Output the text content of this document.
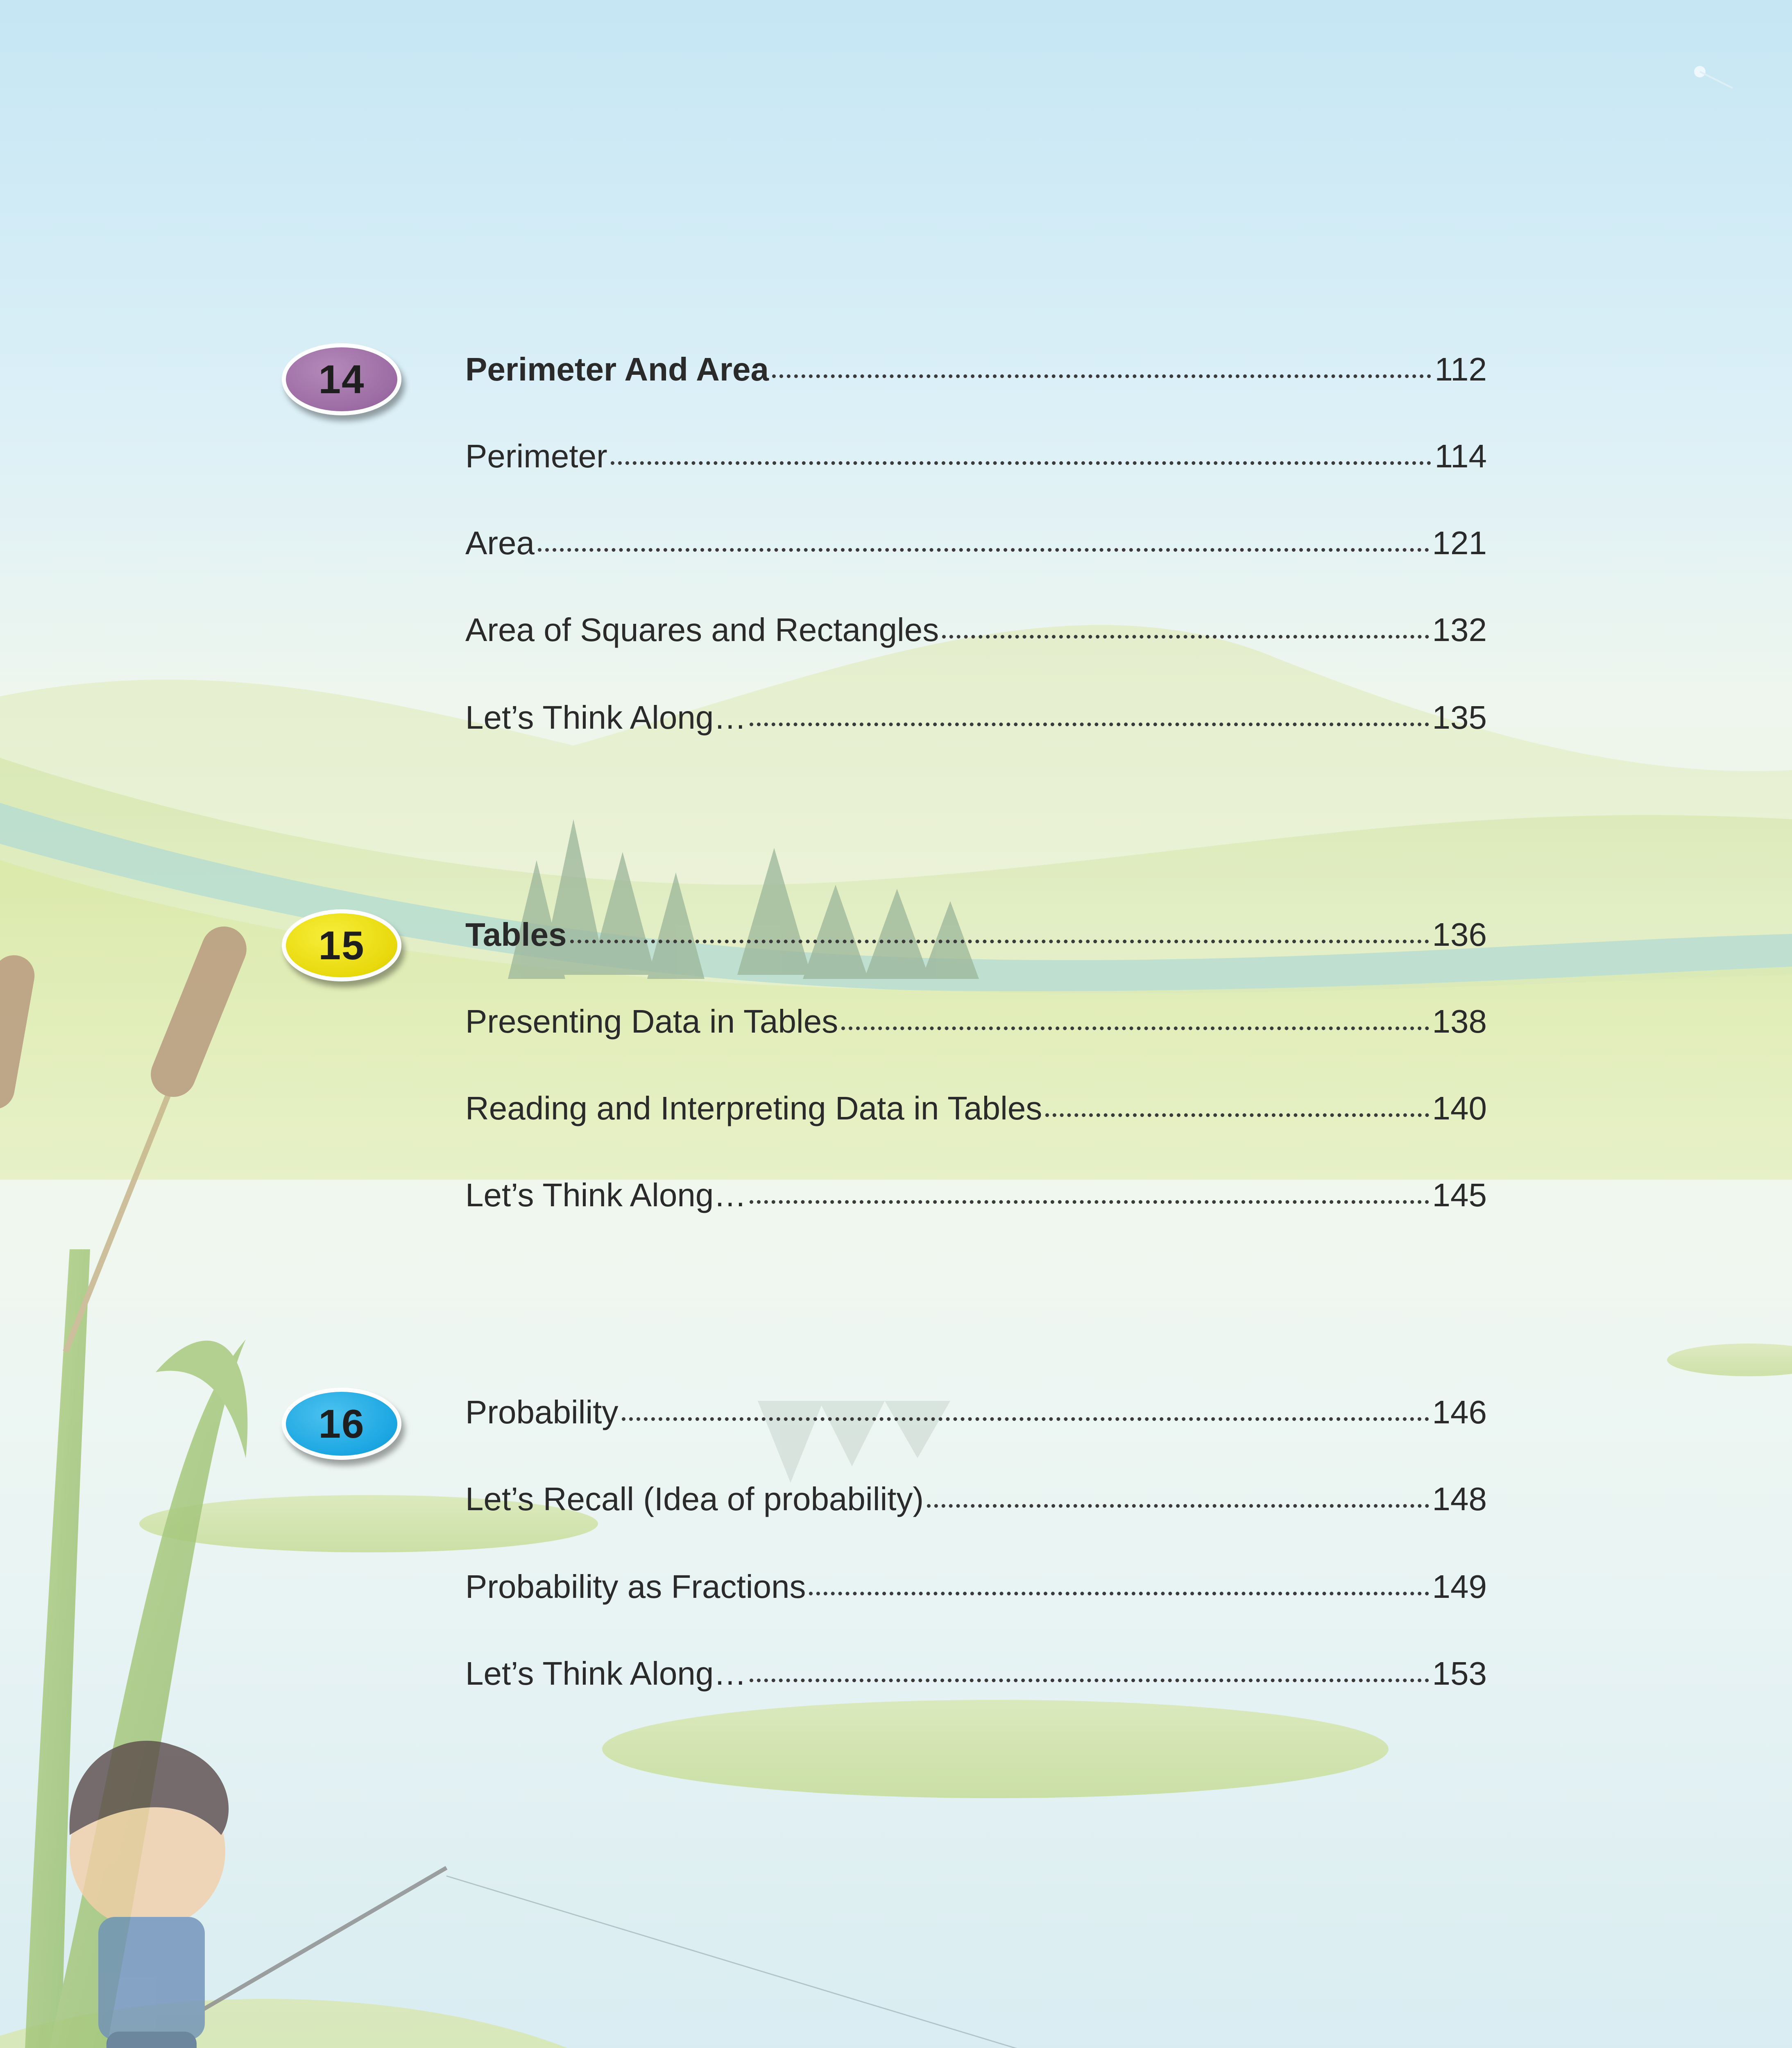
14	Perimeter And Area	112
Perimeter	114
Area	121
Area of Squares and Rectangles	132
Let’s Think Along…	135
15	Tables	136
Presenting Data in Tables	138
Reading and Interpreting Data in Tables	140
Let’s Think Along…	145
16	Probability	146
Let’s Recall (Idea of probability)	148
Probability as Fractions	149
Let’s Think Along…	153
